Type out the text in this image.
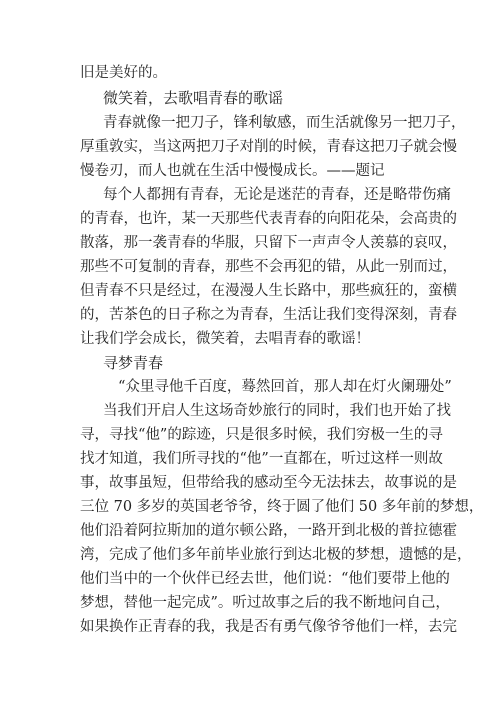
旧是美好的。
微笑着，去歌唱青春的歌谣
青春就像一把刀子，锋利敏感，而生活就像另一把刀子，
厚重敦实，当这两把刀子对削的时候，青春这把刀子就会慢
慢卷刃，而人也就在生活中慢慢成长。——题记
每个人都拥有青春，无论是迷茫的青春，还是略带伤痛
的青春，也许，某一天那些代表青春的向阳花朵，会高贵的
散落，那一袭青春的华服，只留下一声声令人羡慕的哀叹，
那些不可复制的青春，那些不会再犯的错，从此一别而过，
但青春不只是经过，在漫漫人生长路中，那些疯狂的，蛮横
的，苦茶色的日子称之为青春，生活让我们变得深刻，青春
让我们学会成长，微笑着，去唱青春的歌谣！
寻梦青春
“众里寻他千百度，蓦然回首，那人却在灯火阑珊处”
当我们开启人生这场奇妙旅行的同时，我们也开始了找
寻，寻找“他”的踪迹，只是很多时候，我们穷极一生的寻
找才知道，我们所寻找的“他”一直都在，听过这样一则故
事，故事虽短，但带给我的感动至今无法抹去，故事说的是
三位 70 多岁的英国老爷爷，终于圆了他们 50 多年前的梦想，
他们沿着阿拉斯加的道尔顿公路，一路开到北极的普拉德霍
湾，完成了他们多年前毕业旅行到达北极的梦想，遗憾的是，
他们当中的一个伙伴已经去世，他们说：“他们要带上他的
梦想，替他一起完成”。听过故事之后的我不断地问自己，
如果换作正青春的我，我是否有勇气像爷爷他们一样，去完
